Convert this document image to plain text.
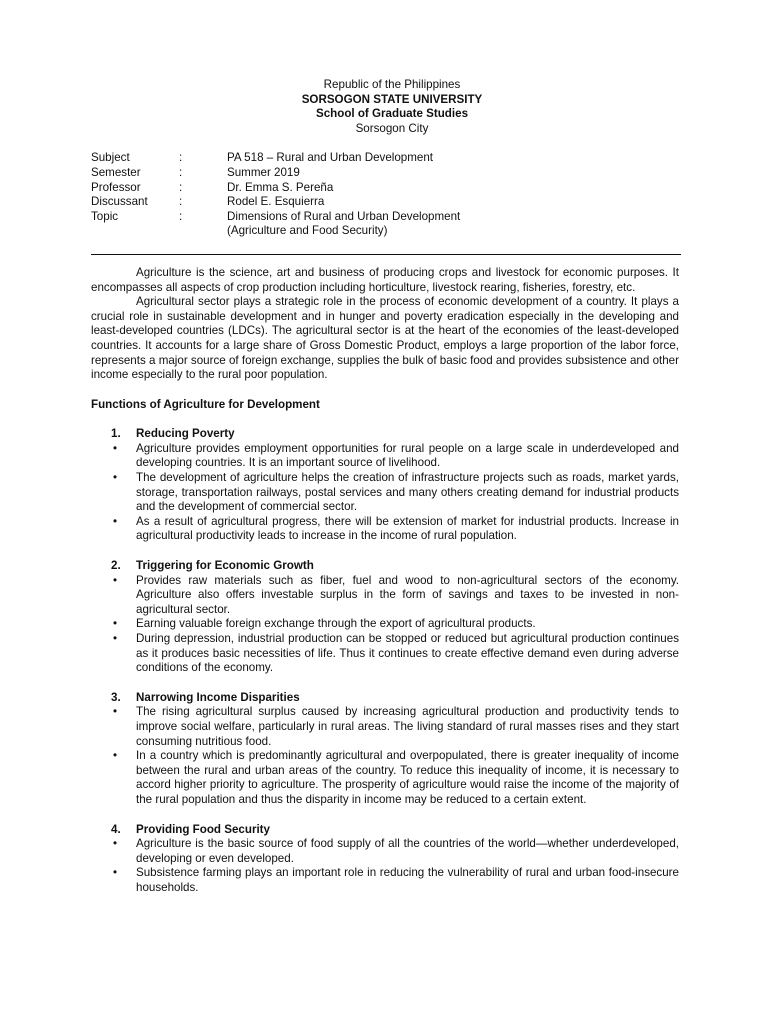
Republic of the Philippines
SORSOGON STATE UNIVERSITY
School of Graduate Studies
Sorsogon City
Subject	:	PA 518 – Rural and Urban Development
Semester	:	Summer 2019
Professor	:	Dr. Emma S. Pereña
Discussant	:	Rodel E. Esquierra
Topic	:	Dimensions of Rural and Urban Development
(Agriculture and Food Security)

Agriculture is the science, art and business of producing crops and livestock for economic purposes. It encompasses all aspects of crop production including horticulture, livestock rearing, fisheries, forestry, etc.

Agricultural sector plays a strategic role in the process of economic development of a country. It plays a crucial role in sustainable development and in hunger and poverty eradication especially in the developing and least-developed countries (LDCs). The agricultural sector is at the heart of the economies of the least-developed countries. It accounts for a large share of Gross Domestic Product, employs a large proportion of the labor force, represents a major source of foreign exchange, supplies the bulk of basic food and provides subsistence and other income especially to the rural poor population.

Functions of Agriculture for Development
1.	Reducing Poverty
• Agriculture provides employment opportunities for rural people on a large scale in underdeveloped and developing countries. It is an important source of livelihood.
• The development of agriculture helps the creation of infrastructure projects such as roads, market yards, storage, transportation railways, postal services and many others creating demand for industrial products and the development of commercial sector.
• As a result of agricultural progress, there will be extension of market for industrial products. Increase in agricultural productivity leads to increase in the income of rural population.
2.	Triggering for Economic Growth
• Provides raw materials such as fiber, fuel and wood to non-agricultural sectors of the economy. Agriculture also offers investable surplus in the form of savings and taxes to be invested in non-agricultural sector.
• Earning valuable foreign exchange through the export of agricultural products.
• During depression, industrial production can be stopped or reduced but agricultural production continues as it produces basic necessities of life. Thus it continues to create effective demand even during adverse conditions of the economy.
3.	Narrowing Income Disparities
• The rising agricultural surplus caused by increasing agricultural production and productivity tends to improve social welfare, particularly in rural areas. The living standard of rural masses rises and they start consuming nutritious food.
• In a country which is predominantly agricultural and overpopulated, there is greater inequality of income between the rural and urban areas of the country. To reduce this inequality of income, it is necessary to accord higher priority to agriculture. The prosperity of agriculture would raise the income of the majority of the rural population and thus the disparity in income may be reduced to a certain extent.
4.	Providing Food Security
• Agriculture is the basic source of food supply of all the countries of the world—whether underdeveloped, developing or even developed.
• Subsistence farming plays an important role in reducing the vulnerability of rural and urban food-insecure households.
